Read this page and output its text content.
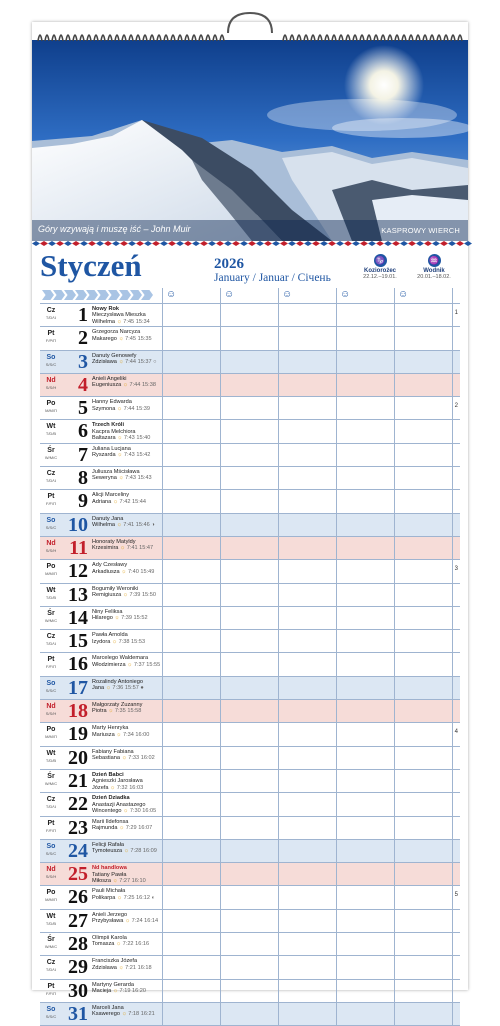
Góry wzywają i muszę iść – John Muir	KASPROWY WIERCH
Styczeń	2026
January / Januar / Січень
♑
Koziorożec
22.12.–19.01.
♒
Wodnik
20.01.–18.02.
☺	☺	☺	☺	☺
Cz
T/D/Ч	1 Nowy Rok
Mieczysława Mieszka
Wilhelma ☼ 7:45 15:34
1
Pt
F/P/П	2 Grzegorza Narcyza
Makarego ☼ 7:45 15:35
So
S/S/С	3 Danuty Genowefy
Zdzisława ☼ 7:44 15:37 ○
Nd
S/S/Н	4 Anieli Angeliki
Eugeniusza ☼ 7:44 15:38
Po
M/M/П	5 Hanny Edwarda
Szymona ☼ 7:44 15:39	2
Wt
T/D/В	6 Trzech Króli
Kacpra Melchiora
Baltazara ☼ 7:43 15:40
Śr
W/M/С	7 Juliana Lucjana
Ryszarda ☼ 7:43 15:42
Cz
T/D/Ч	8 Juliusza Mścisława
Seweryna ☼ 7:43 15:43
Pt
F/F/П	9 Alicji Marceliny
Adriana ☼ 7:42 15:44
So
S/S/С 10 Danuty Jana
Wilhelma ☼ 7:41 15:46 ◑
Nd
S/S/Н 11 Honoraty Matyldy
Krzesimira ☼ 7:41 15:47
Po
M/M/П 12 Ady Czesławy
Arkadiusza ☼ 7:40 15:49	3
Wt
T/D/В 13 Bogumiły Weroniki
Remigiusza ☼ 7:39 15:50
Śr
W/M/С 14 Niny Feliksa
Hilarego ☼ 7:39 15:52
Cz
T/D/Ч 15 Pawła Arnolda
Izydora ☼ 7:38 15:53
Pt
F/F/П 16 Marcelego Waldemara
Włodzimierza ☼ 7:37 15:55
So
S/S/С 17 Rozalindy Antoniego
Jana ☼ 7:36 15:57 ●
Nd
S/S/Н 18 Małgorzaty Zuzanny
Piotra ☼ 7:35 15:58
Po
M/M/П 19 Marty Henryka
Mariusza ☼ 7:34 16:00	4
Wt
T/D/В 20 Fabiany Fabiana
Sebastiana ☼ 7:33 16:02
Śr
W/M/С 21 Dzień Babci
Agnieszki Jarosława
Józefa ☼ 7:32 16:03
Cz
T/D/Ч 22 Dzień Dziadka
Anastazji Anastazego
Wincentego ☼ 7:30 16:05
Pt
F/F/П 23 Marii Ildefonsa
Rajmunda ☼ 7:29 16:07
So
S/S/С 24 Felicji Rafała
Tymoteusza ☼ 7:28 16:09
Nd
S/S/Н 25 Nd handlowa
Tatiany Pawła
Miłosza ☼ 7:27 16:10
Po
M/M/П 26 Pauli Michała
Polikarpa ☼ 7:25 16:12 ◐	5
Wt
T/D/В 27 Anieli Jerzego
Przybysława ☼ 7:24 16:14
Śr
W/M/С 28 Olimpii Karola
Tomasza ☼ 7:22 16:16
Cz
T/D/Ч 29 Franciszka Józefa
Zdzisława ☼ 7:21 16:18
Pt
F/F/П 30 Martyny Gerarda
Macieja ☼ 7:19 16:20
So
S/S/С 31 Marceli Jana
Ksawerego ☼ 7:18 16:21
